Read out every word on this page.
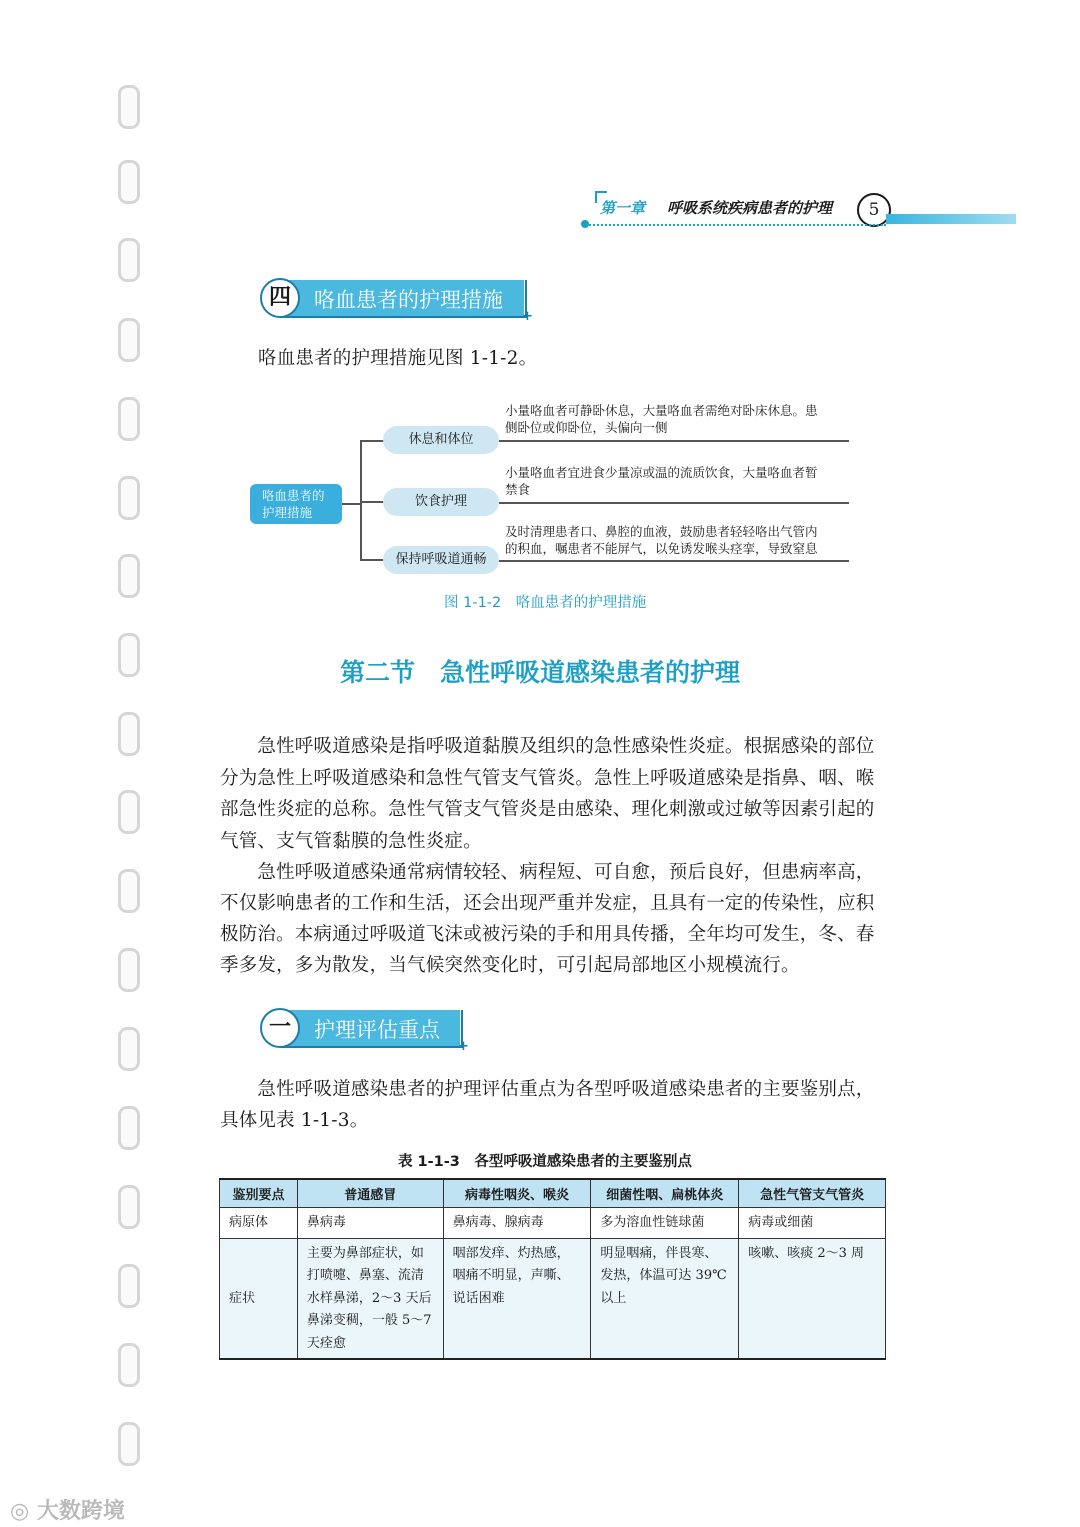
第一章 呼吸系统疾病患者的护理	5
四	咯血患者的护理措施
+

咯血患者的护理措施见图 1-1-2。

咯血患者的
护理措施
休息和体位
小量咯血者可静卧休息，大量咯血者需绝对卧床休息。患
侧卧位或仰卧位，头偏向一侧
饮食护理
小量咯血者宜进食少量凉或温的流质饮食，大量咯血者暂
禁食
保持呼吸道通畅
及时清理患者口、鼻腔的血液，鼓励患者轻轻咯出气管内
的积血，嘱患者不能屏气，以免诱发喉头痉挛，导致窒息
图 1-1-2　咯血患者的护理措施
第二节　急性呼吸道感染患者的护理

　　急性呼吸道感染是指呼吸道黏膜及组织的急性感染性炎症。根据感染的部位

分为急性上呼吸道感染和急性气管支气管炎。急性上呼吸道感染是指鼻、咽、喉

部急性炎症的总称。急性气管支气管炎是由感染、理化刺激或过敏等因素引起的

气管、支气管黏膜的急性炎症。

　　急性呼吸道感染通常病情较轻、病程短、可自愈，预后良好，但患病率高，

不仅影响患者的工作和生活，还会出现严重并发症，且具有一定的传染性，应积

极防治。本病通过呼吸道飞沫或被污染的手和用具传播，全年均可发生，冬、春

季多发，多为散发，当气候突然变化时，可引起局部地区小规模流行。

一	护理评估重点
+

　　急性呼吸道感染患者的护理评估重点为各型呼吸道感染患者的主要鉴别点，

具体见表 1-1-3。

表 1-1-3　各型呼吸道感染患者的主要鉴别点
鉴别要点	普通感冒	病毒性咽炎、喉炎	细菌性咽、扁桃体炎	急性气管支气管炎
病原体	鼻病毒	鼻病毒、腺病毒	多为溶血性链球菌	病毒或细菌
症状	主要为鼻部症状，如打喷嚏、鼻塞、流清水样鼻涕，2～3 天后鼻涕变稠，一般 5～7 天痊愈	咽部发痒、灼热感，咽痛不明显，声嘶、说话困难	明显咽痛，伴畏寒、发热，体温可达 39℃以上	咳嗽、咳痰 2～3 周
◎ 大数跨境
